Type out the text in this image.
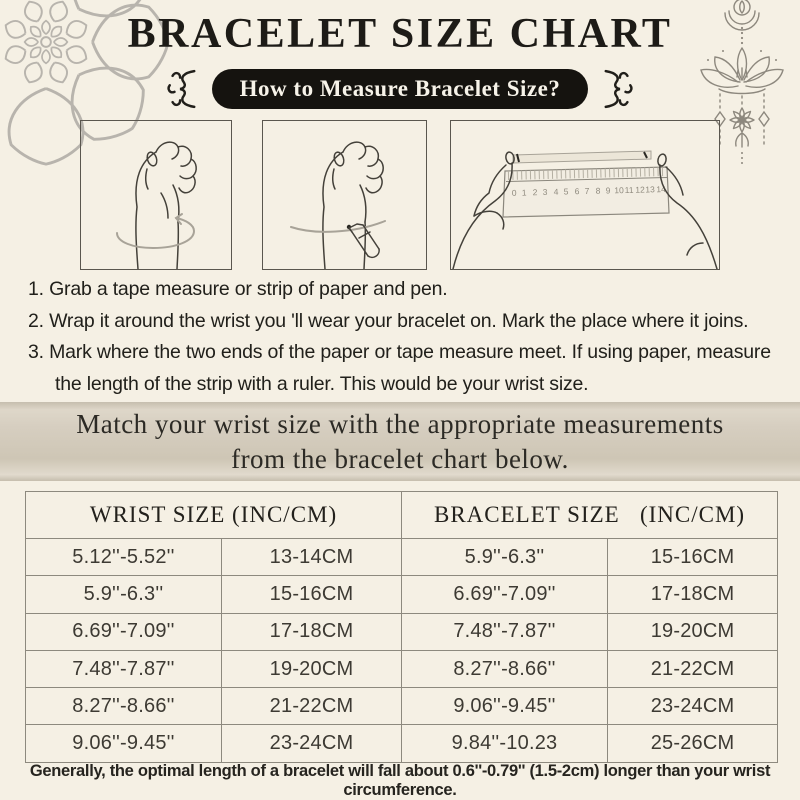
BRACELET SIZE CHART
How to Measure Bracelet Size?
0 1 2 3 4 5 6 7 8 9 10 11 12 13 14

1. Grab a tape measure or strip of paper and pen.

2. Wrap it around the wrist you 'll wear your bracelet on. Mark the place where it joins.

3. Mark where the two ends of the paper or tape measure meet. If using paper, measure the length of the strip with a ruler. This would be your wrist size.

Match your wrist size with the appropriate measurements
from the bracelet chart below.
WRIST SIZE (INC/CM)		BRACELET SIZE   (INC/CM)	
5.12''-5.52''	13-14CM	5.9''-6.3''	15-16CM
5.9''-6.3''	15-16CM	6.69''-7.09''	17-18CM
6.69''-7.09''	17-18CM	7.48''-7.87''	19-20CM
7.48''-7.87''	19-20CM	8.27''-8.66''	21-22CM
8.27''-8.66''	21-22CM	9.06''-9.45''	23-24CM
9.06''-9.45''	23-24CM	9.84''-10.23	25-26CM

Generally, the optimal length of a bracelet will fall about 0.6''-0.79'' (1.5-2cm) longer than your wrist circumference.
